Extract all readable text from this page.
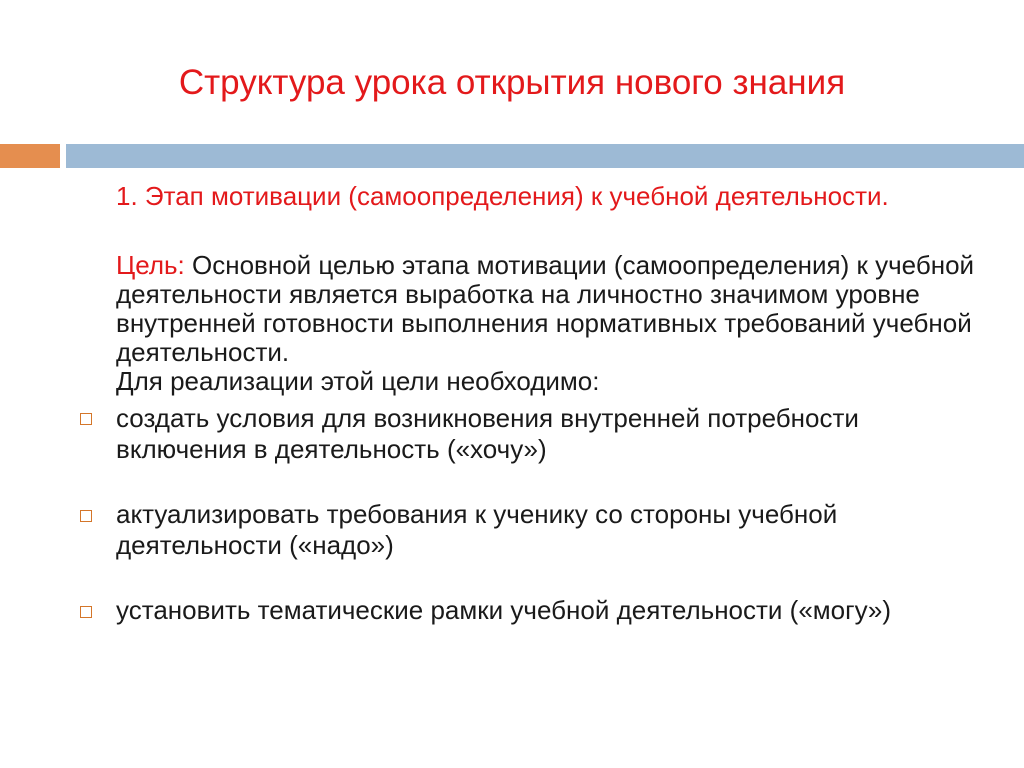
Структура урока открытия нового знания

1. Этап мотивации (самоопределения) к учебной деятельности.

Цель: Основной целью этапа мотивации (самоопределения) к учебной деятельности является выработка на личностно значимом уровне внутренней готовности выполнения нормативных требований учебной деятельности.
Для реализации этой цели необходимо:

создать условия для возникновения внутренней потребности включения в деятельность («хочу»)
актуализировать требования к ученику со стороны учебной деятельности («надо»)
установить тематические рамки учебной деятельности («могу»)
